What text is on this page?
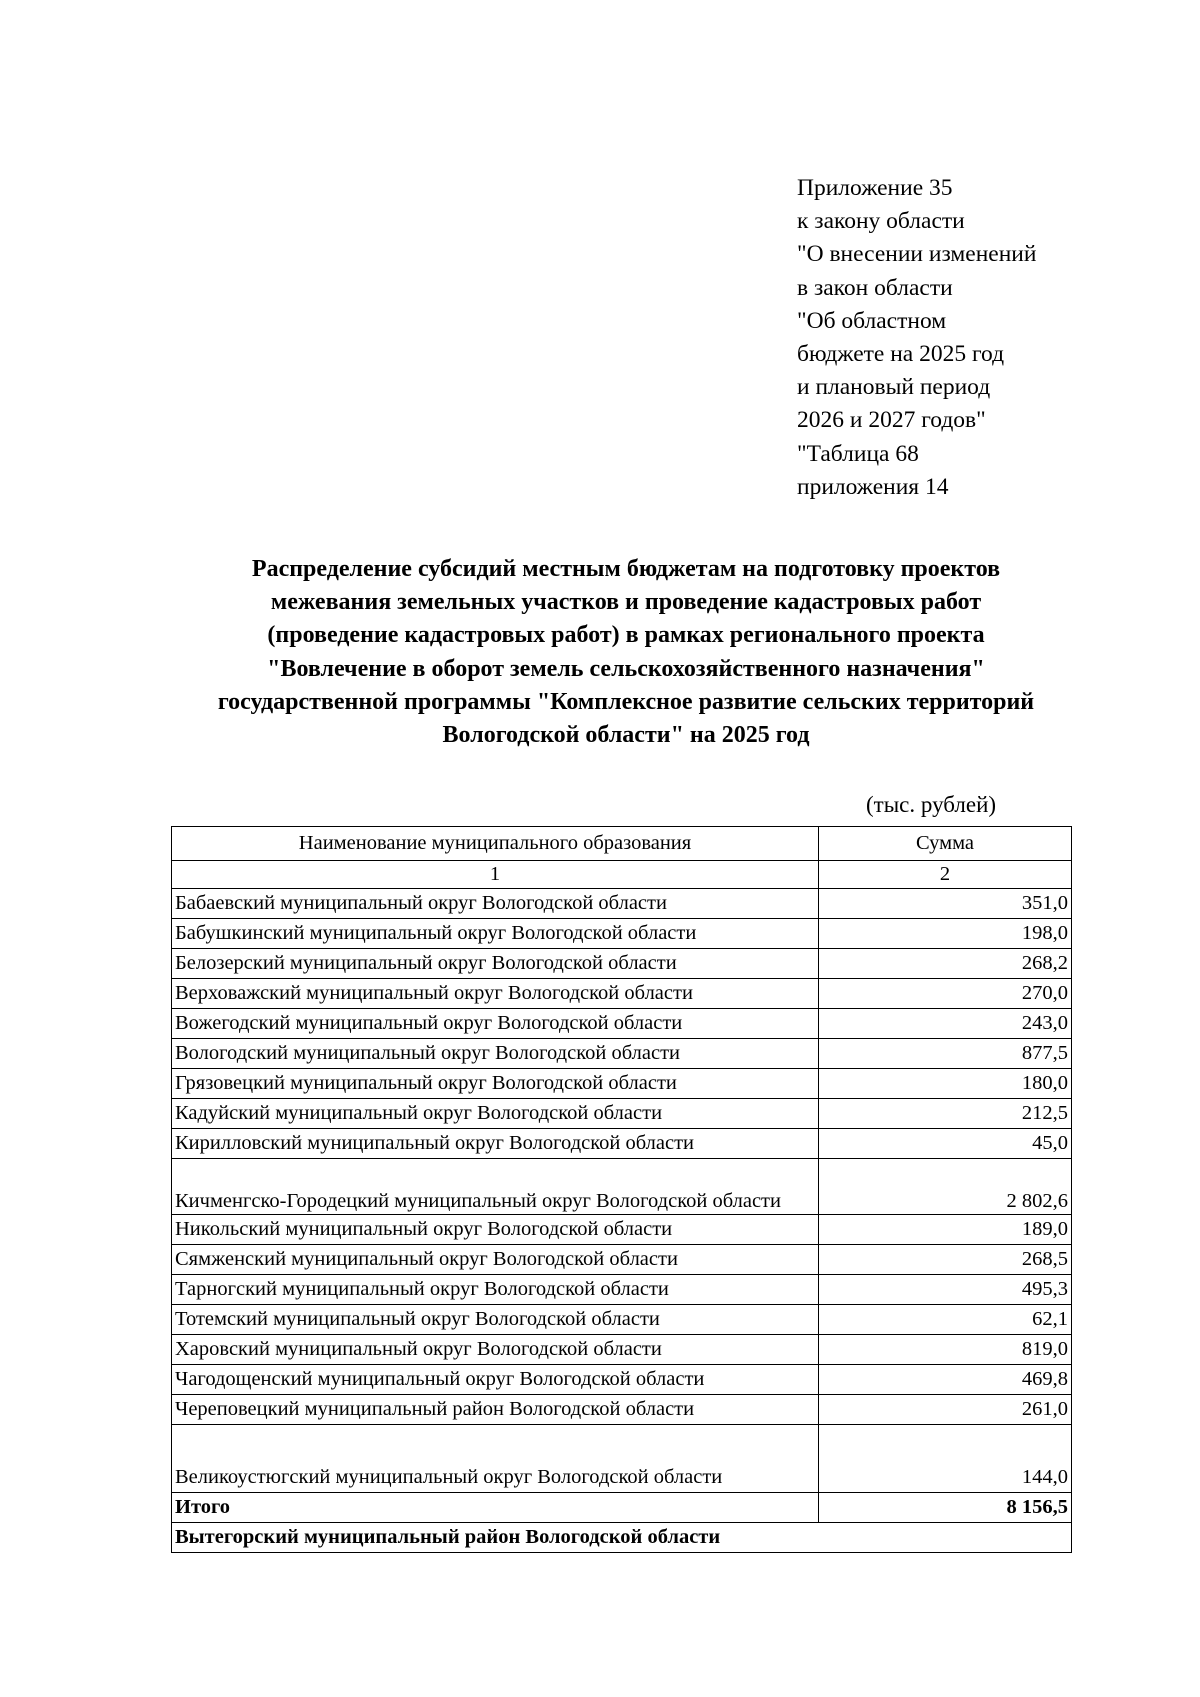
Приложение 35
к закону области
"О внесении изменений
в закон области
"Об областном
бюджете на 2025 год
и плановый период
2026 и 2027 годов"
"Таблица 68
приложения 14
Распределение субсидий местным бюджетам на подготовку проектов
межевания земельных участков и проведение кадастровых работ
(проведение кадастровых работ) в рамках регионального проекта
"Вовлечение в оборот земель сельскохозяйственного назначения"
государственной программы "Комплексное развитие сельских территорий
Вологодской области" на 2025 год
(тыс. рублей)
Наименование муниципального образования	Сумма
1	2
Бабаевский муниципальный округ Вологодской области	351,0
Бабушкинский муниципальный округ Вологодской области	198,0
Белозерский муниципальный округ Вологодской области	268,2
Верховажский муниципальный округ Вологодской области	270,0
Вожегодский муниципальный округ Вологодской области	243,0
Вологодский муниципальный округ Вологодской области	877,5
Грязовецкий муниципальный округ Вологодской области	180,0
Кадуйский муниципальный округ Вологодской области	212,5
Кирилловский муниципальный округ Вологодской области	45,0
Кичменгско-Городецкий муниципальный округ Вологодской области	2 802,6
Никольский муниципальный округ Вологодской области	189,0
Сямженский муниципальный округ Вологодской области	268,5
Тарногский муниципальный округ Вологодской области	495,3
Тотемский муниципальный округ Вологодской области	62,1
Харовский муниципальный округ Вологодской области	819,0
Чагодощенский муниципальный округ Вологодской области	469,8
Череповецкий муниципальный район Вологодской области	261,0
Великоустюгский муниципальный округ Вологодской области	144,0
Итого	8 156,5
Вытегорский муниципальный район Вологодской области	
